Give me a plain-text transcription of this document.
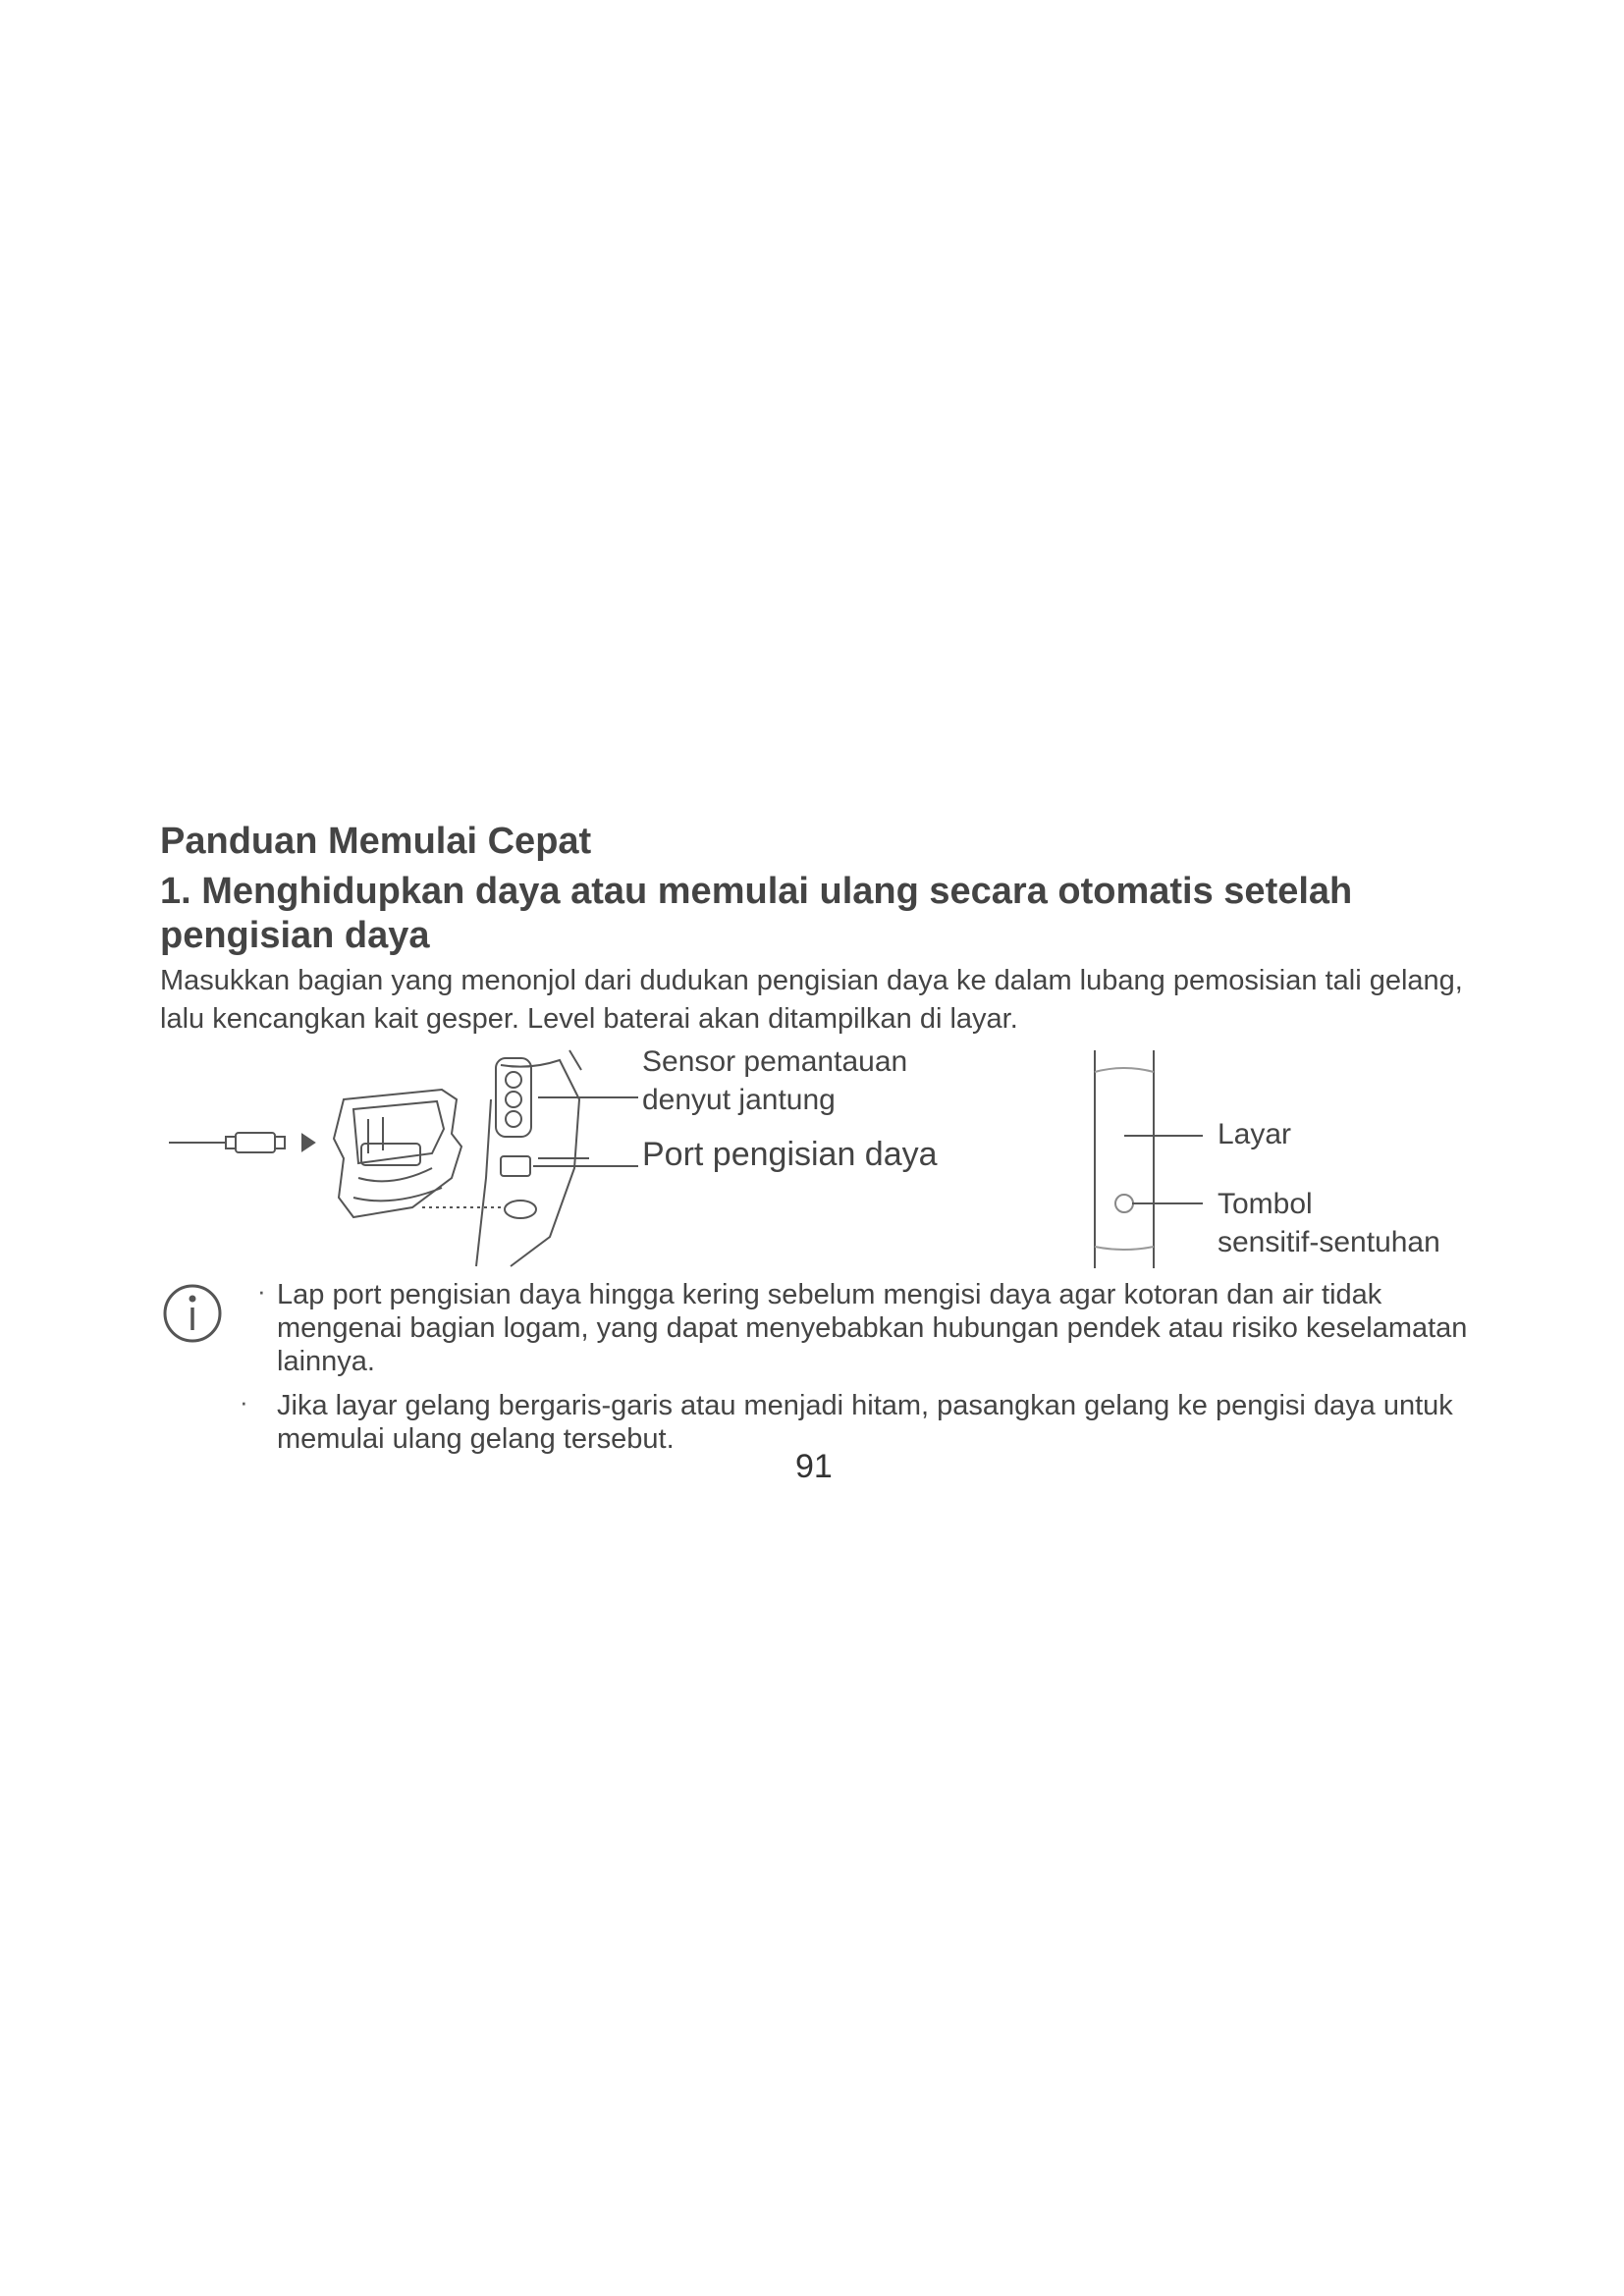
Panduan Memulai Cepat
1. Menghidupkan daya atau memulai ulang secara otomatis setelah pengisian daya
Masukkan bagian yang menonjol dari dudukan pengisian daya ke dalam lubang pemosisian tali gelang, lalu kencangkan kait gesper. Level baterai akan ditampilkan di layar.
Sensor pemantauan
denyut jantung
Port pengisian daya
Layar
Tombol
sensitif-sentuhan
· Lap port pengisian daya hingga kering sebelum mengisi daya agar kotoran dan air tidak mengenai bagian logam, yang dapat menyebabkan hubungan pendek atau risiko keselamatan lainnya.
· Jika layar gelang bergaris-garis atau menjadi hitam, pasangkan gelang ke pengisi daya untuk memulai ulang gelang tersebut.
91
